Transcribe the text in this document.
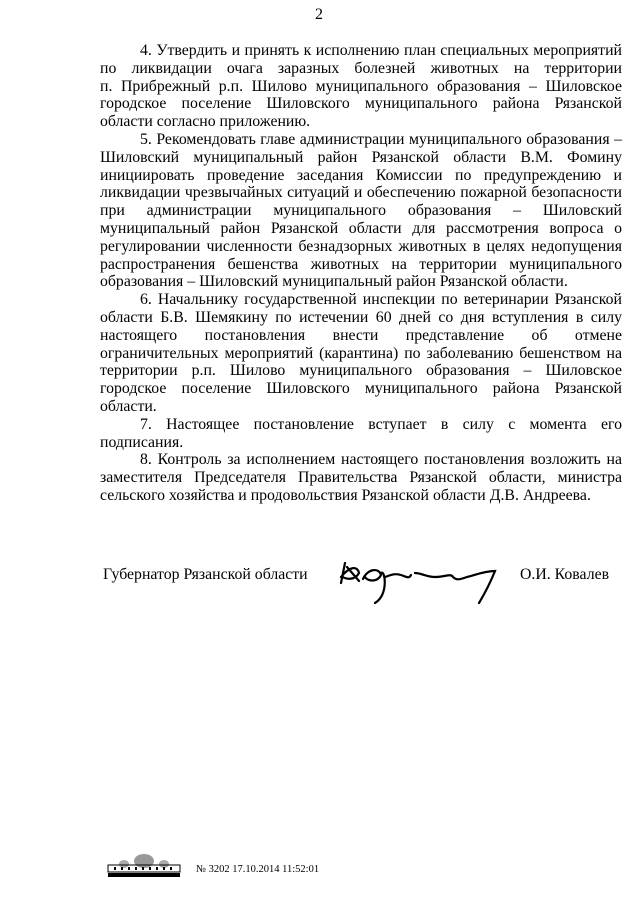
2
4. Утвердить и принять к исполнению план специальных мероприятий
по ликвидации очага заразных болезней животных на территории
п. Прибрежный р.п. Шилово муниципального образования – Шиловское
городское поселение Шиловского муниципального района Рязанской
области согласно приложению.
5. Рекомендовать главе администрации муниципального образования –
Шиловский муниципальный район Рязанской области В.М. Фомину
инициировать проведение заседания Комиссии по предупреждению и
ликвидации чрезвычайных ситуаций и обеспечению пожарной безопасности
при администрации муниципального образования – Шиловский
муниципальный район Рязанской области для рассмотрения вопроса о
регулировании численности безнадзорных животных в целях недопущения
распространения бешенства животных на территории муниципального
образования – Шиловский муниципальный район Рязанской области.
6. Начальнику государственной инспекции по ветеринарии Рязанской
области Б.В. Шемякину по истечении 60 дней со дня вступления в силу
настоящего постановления внести представление об отмене
ограничительных мероприятий (карантина) по заболеванию бешенством на
территории р.п. Шилово муниципального образования – Шиловское
городское поселение Шиловского муниципального района Рязанской
области.
7. Настоящее постановление вступает в силу с момента его
подписания.
8. Контроль за исполнением настоящего постановления возложить на
заместителя Председателя Правительства Рязанской области, министра
сельского хозяйства и продовольствия Рязанской области Д.В. Андреева.
Губернатор Рязанской области	О.И. Ковалев
№ 3202 17.10.2014 11:52:01
